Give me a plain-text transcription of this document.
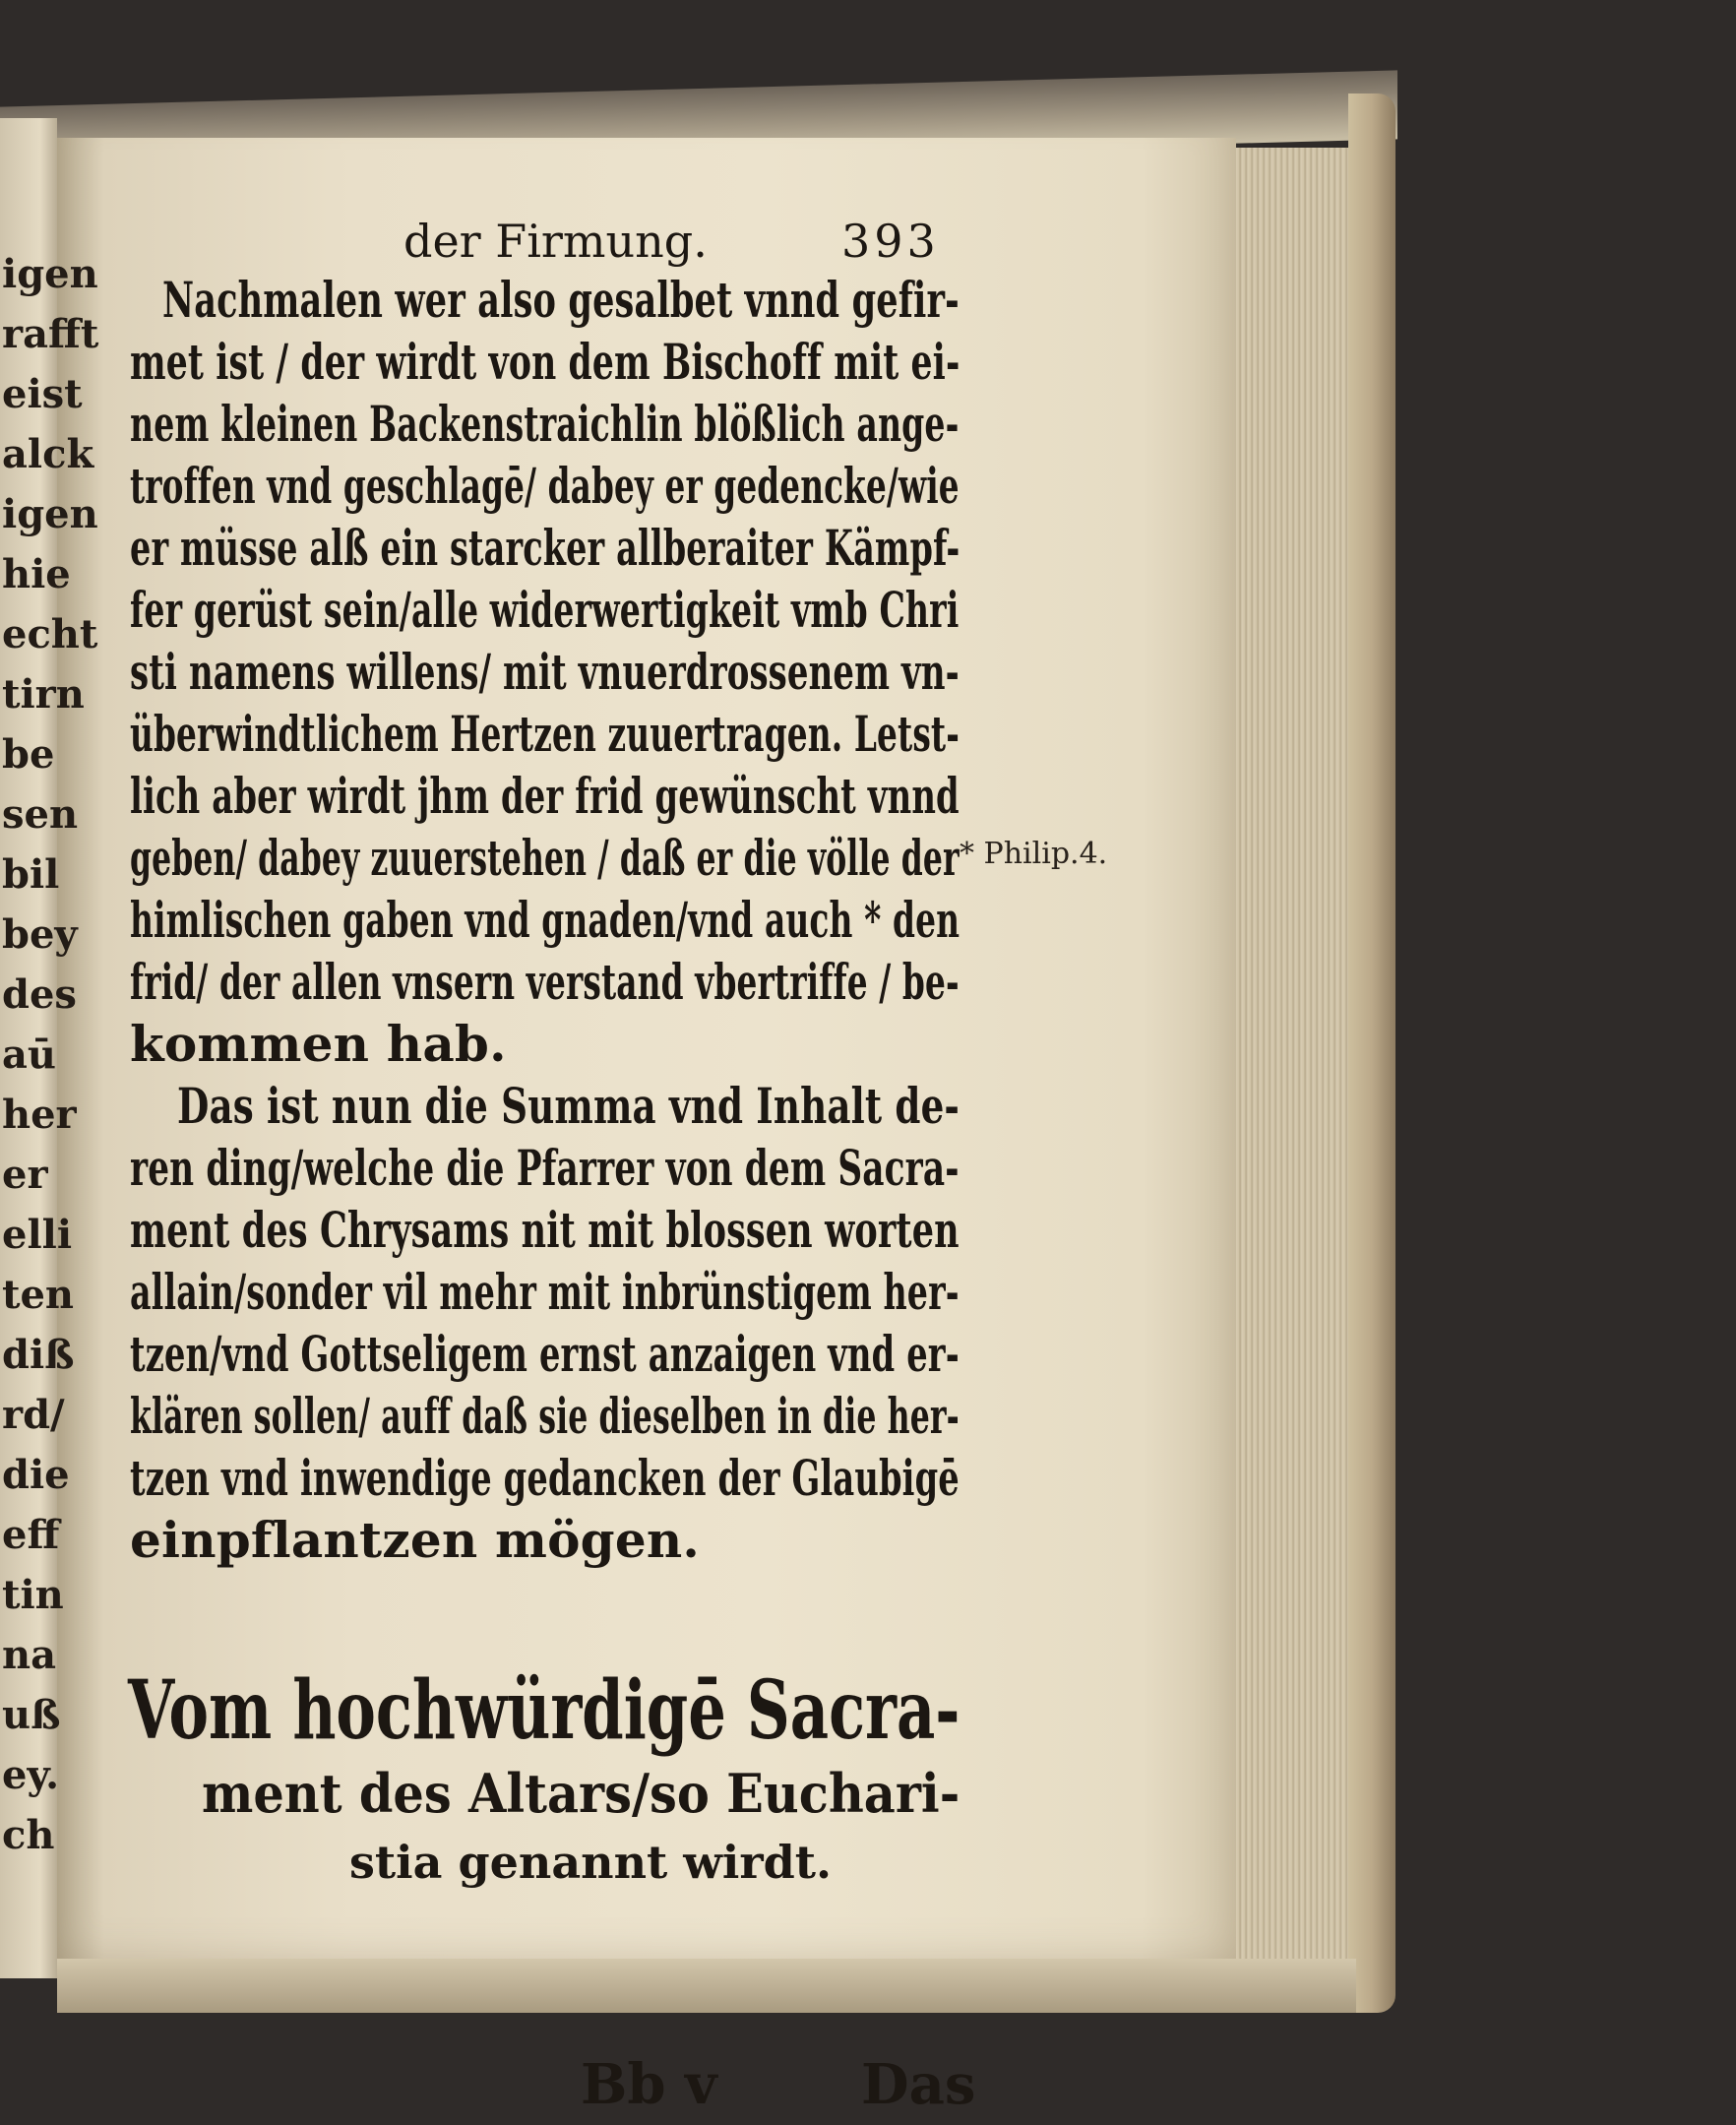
igen
rafft
eist
alck
igen
hie
echt
tirn
be
sen
bil
bey
des
aū
her
er
elli
ten
diß
rd/
die
eff
tin
na
uß
ey.
ch
der Firmung.	393
Nachmalen wer also gesalbet vnnd gefir-
met ist / der wirdt von dem Bischoff mit ei-
nem kleinen Backenstraichlin blößlich ange-
troffen vnd geschlagē/ dabey er gedencke/wie
er müsse alß ein starcker allberaiter Kämpf-
fer gerüst sein/alle widerwertigkeit vmb Chri
sti namens willens/ mit vnuerdrossenem vn-
überwindtlichem Hertzen zuuertragen. Letst-
lich aber wirdt jhm der frid gewünscht vnnd
geben/ dabey zuuerstehen / daß er die völle der
himlischen gaben vnd gnaden/vnd auch * den
frid/ der allen vnsern verstand vbertriffe / be-
kommen hab.
Das ist nun die Summa vnd Inhalt de-
ren ding/welche die Pfarrer von dem Sacra-
ment des Chrysams nit mit blossen worten
allain/sonder vil mehr mit inbrünstigem her-
tzen/vnd Gottseligem ernst anzaigen vnd er-
klären sollen/ auff daß sie dieselben in die her-
tzen vnd inwendige gedancken der Glaubigē
einpflantzen mögen.
* Philip.4.
Vom hochwürdigē Sacra-
ment des Altars/so Euchari-
stia genannt wirdt.
Bb v	Das
